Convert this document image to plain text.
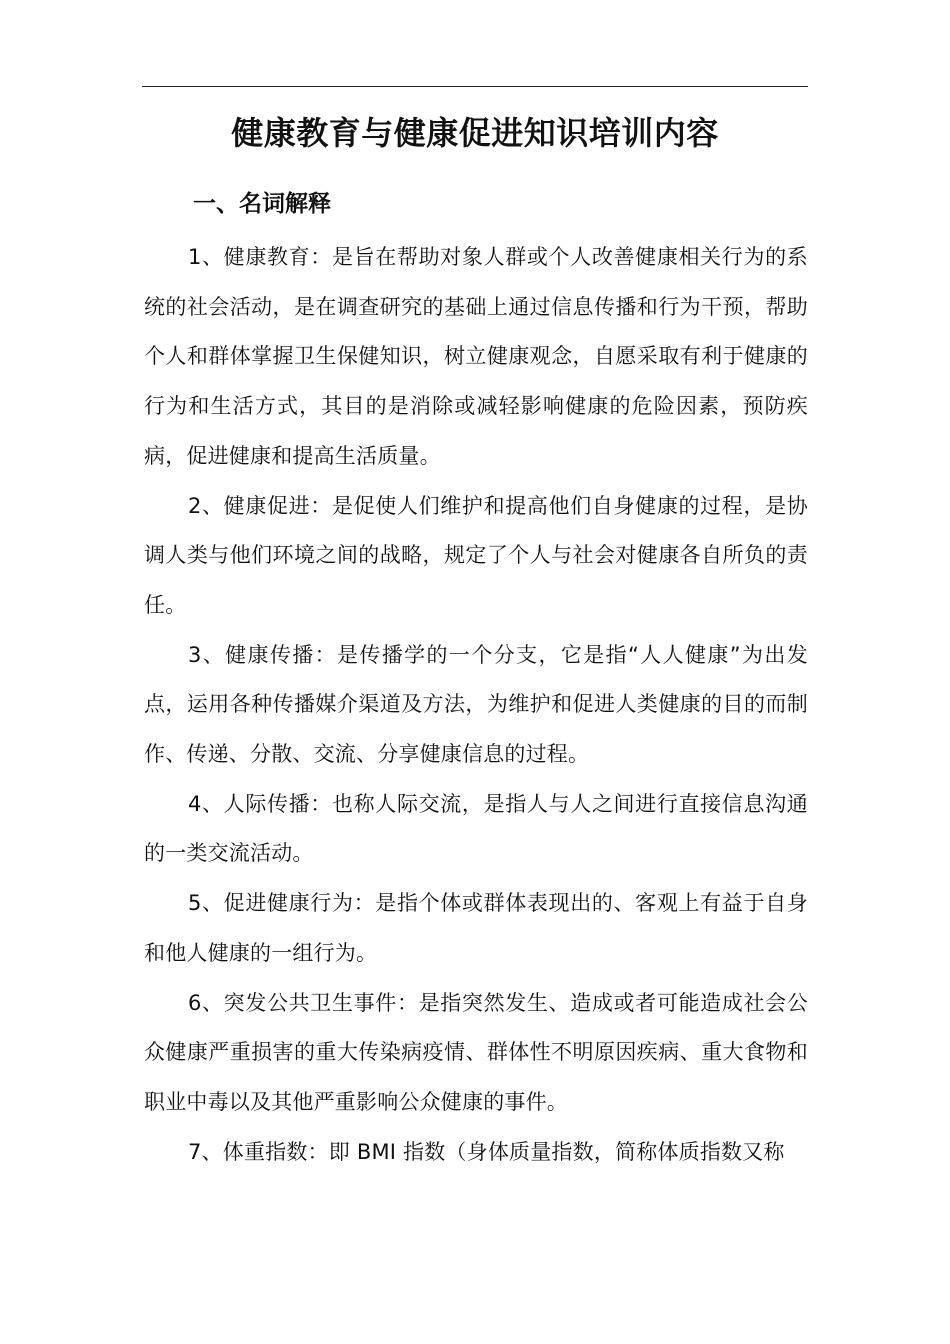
健康教育与健康促进知识培训内容
一、名词解释

1、健康教育：是旨在帮助对象人群或个人改善健康相关行为的系统的社会活动，是在调查研究的基础上通过信息传播和行为干预，帮助个人和群体掌握卫生保健知识，树立健康观念，自愿采取有利于健康的行为和生活方式，其目的是消除或减轻影响健康的危险因素，预防疾病，促进健康和提高生活质量。

2、健康促进：是促使人们维护和提高他们自身健康的过程，是协调人类与他们环境之间的战略，规定了个人与社会对健康各自所负的责任。

3、健康传播：是传播学的一个分支，它是指“人人健康”为出发点，运用各种传播媒介渠道及方法，为维护和促进人类健康的目的而制作、传递、分散、交流、分享健康信息的过程。

4、人际传播：也称人际交流，是指人与人之间进行直接信息沟通的一类交流活动。

5、促进健康行为：是指个体或群体表现出的、客观上有益于自身和他人健康的一组行为。

6、突发公共卫生事件：是指突然发生、造成或者可能造成社会公众健康严重损害的重大传染病疫情、群体性不明原因疾病、重大食物和职业中毒以及其他严重影响公众健康的事件。

7、体重指数：即 BMI 指数（身体质量指数，简称体质指数又称
